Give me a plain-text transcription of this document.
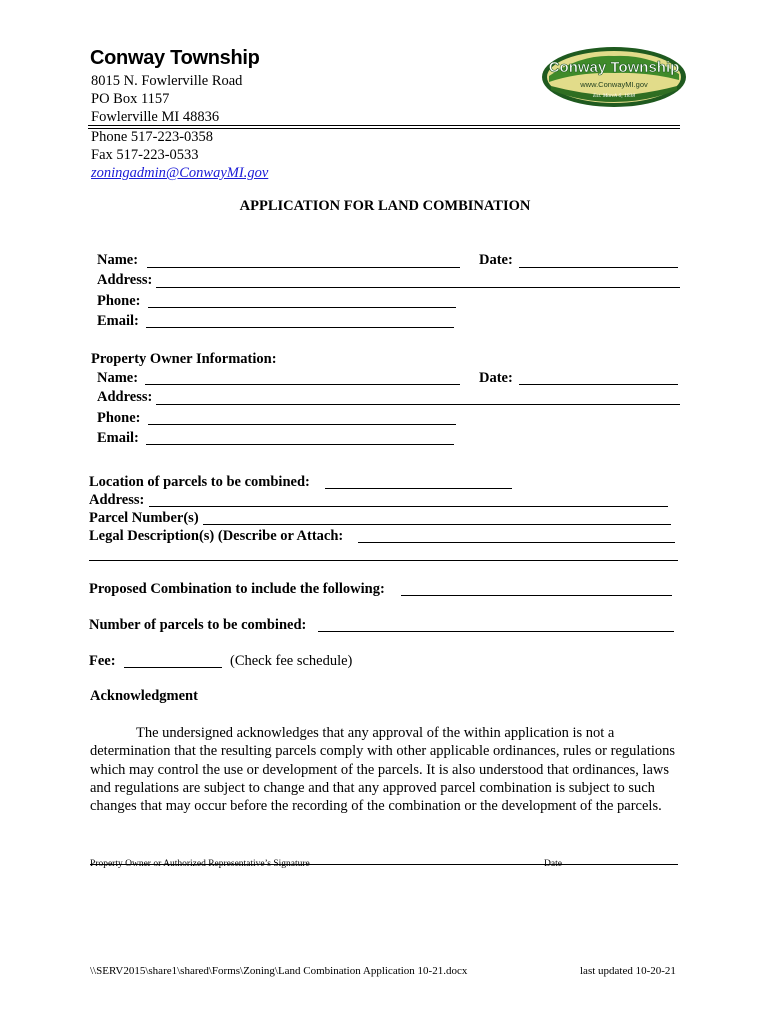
Conway Township
8015 N. Fowlerville Road
PO Box 1157
Fowlerville MI 48836
Phone 517-223-0358
Fax 517-223-0533
zoningadmin@ConwayMI.gov
Conway Township
www.ConwayMI.gov
Est. March 6, 1838
APPLICATION FOR LAND COMBINATION
Name:	Date:
Address:
Phone:
Email:
Property Owner Information:
Name:	Date:
Address:
Phone:
Email:
Location of parcels to be combined:
Address:
Parcel Number(s)
Legal Description(s) (Describe or Attach:
Proposed Combination to include the following:
Number of parcels to be combined:
Fee:	(Check fee schedule)
Acknowledgment
The undersigned acknowledges that any approval of the within application is not a determination that the resulting parcels comply with other applicable ordinances, rules or regulations which may control the use or development of the parcels. It is also understood that ordinances, laws and regulations are subject to change and that any approved parcel combination is subject to such changes that may occur before the recording of the combination or the development of the parcels.
Property Owner or Authorized Representative’s Signature	Date
\\SERV2015\share1\shared\Forms\Zoning\Land Combination Application 10-21.docx	last updated 10-20-21
